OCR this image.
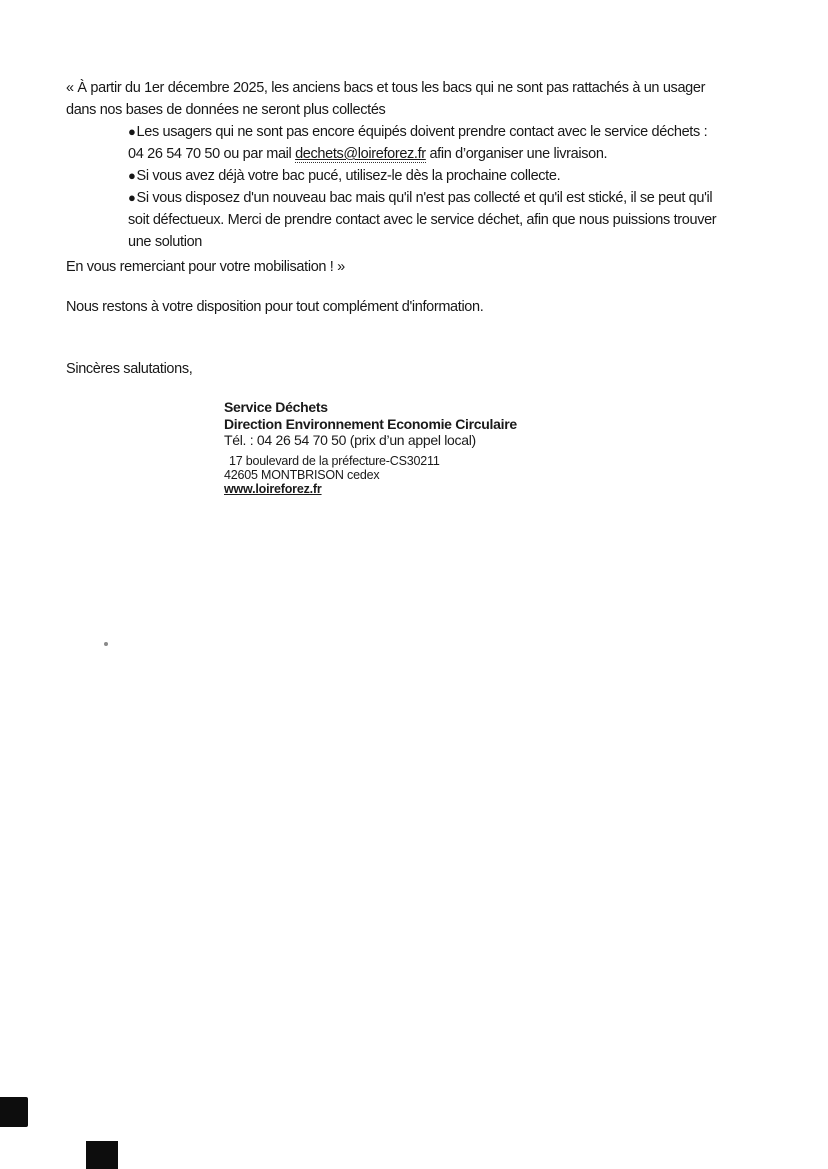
« À partir du 1er décembre 2025, les anciens bacs et tous les bacs qui ne sont pas rattachés à un usager
dans nos bases de données ne seront plus collectés
●Les usagers qui ne sont pas encore équipés doivent prendre contact avec le service déchets :
04 26 54 70 50 ou par mail dechets@loireforez.fr afin d’organiser une livraison.
●Si vous avez déjà votre bac pucé, utilisez-le dès la prochaine collecte.
●Si vous disposez d'un nouveau bac mais qu'il n'est pas collecté et qu'il est stické, il se peut qu'il
soit défectueux. Merci de prendre contact avec le service déchet, afin que nous puissions trouver
une solution
En vous remerciant pour votre mobilisation ! »
Nous restons à votre disposition pour tout complément d'information.
Sincères salutations,
Service Déchets
Direction Environnement Economie Circulaire
Tél. : 04 26 54 70 50 (prix d’un appel local)
17 boulevard de la préfecture-CS30211
42605 MONTBRISON cedex
www.loireforez.fr
